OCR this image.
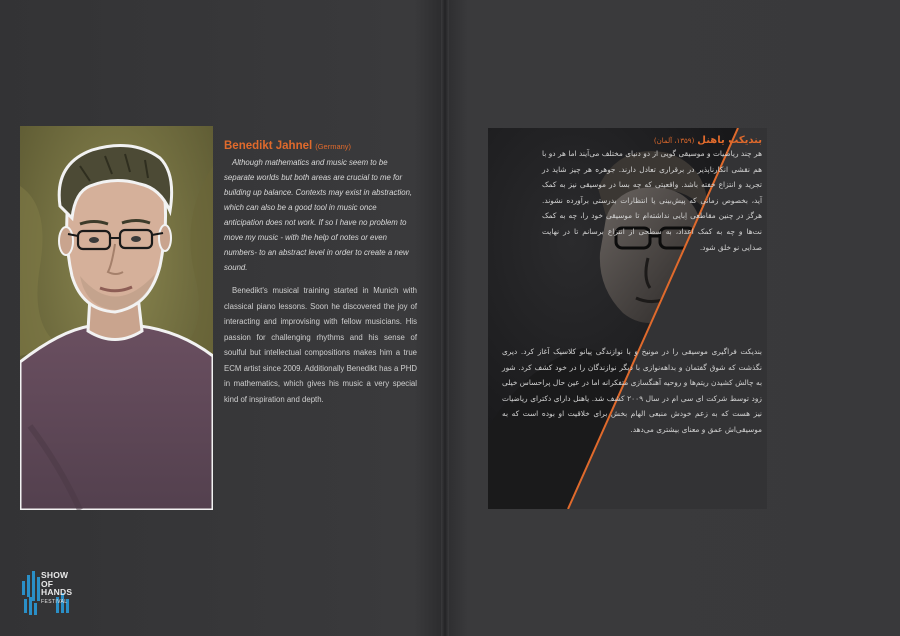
Benedikt Jahnel (Germany)

Although mathematics and music seem to be separate worlds but both areas are crucial to me for building up balance. Contexts may exist in abstraction, which can also be a good tool in music once anticipation does not work. If so I have no problem to move my music - with the help of notes or even numbers- to an abstract level in order to create a new sound.

Benedikt's musical training started in Munich with classical piano lessons. Soon he discovered the joy of interacting and improvising with fellow musicians. His passion for challenging rhythms and his sense of soulful but intellectual compositions makes him a true ECM artist since 2009. Additionally Benedikt has a PHD in mathematics, which gives his music a very special kind of inspiration and depth.

SHOW
OF
HANDS
FESTIVAL
بندیکت یاهنل(۱۳۵۹، آلمان)

هر چند ریاضیات و موسیقی گویی از دو دنیای مختلف می‌آیند اما هر دو با هم نقشی انکارناپذیر در برقراری تعادل دارند. جوهره هر چیز شاید در تجرید و انتزاع خفته باشد. واقعیتی که چه بسا در موسیقی نیز به کمک آید، بخصوص زمانی که پیش‌بینی یا انتظارات بدرستی برآورده نشوند. هرگز در چنین مقاطعی اِبایی نداشته‌ام تا موسیقی خود را، چه به کمک نت‌ها و چه به کمک اعداد، به سطحی از انتزاع برسانم تا در نهایت صدایی نو خلق شود.

بندیکت فراگیری موسیقی را در مونیخ و با نوازندگی پیانو کلاسیک آغاز کرد. دیری نگذشت که شوق گفتمان و بداهه‌نوازی با دیگر نوازندگان را در خود کشف کرد. شور به چالش کشیدن ریتم‌ها و روحیه آهنگسازی متفکرانه اما در عین حال پراحساس خیلی زود توسط شرکت ای سی ام در سال ۲۰۰۹ کشف شد. یاهنل دارای دکترای ریاضیات نیز هست که به زعم خودش منبعی الهام بخش برای خلاقیت او بوده است که به موسیقی‌اش عمق و معنای بیشتری می‌دهد.
